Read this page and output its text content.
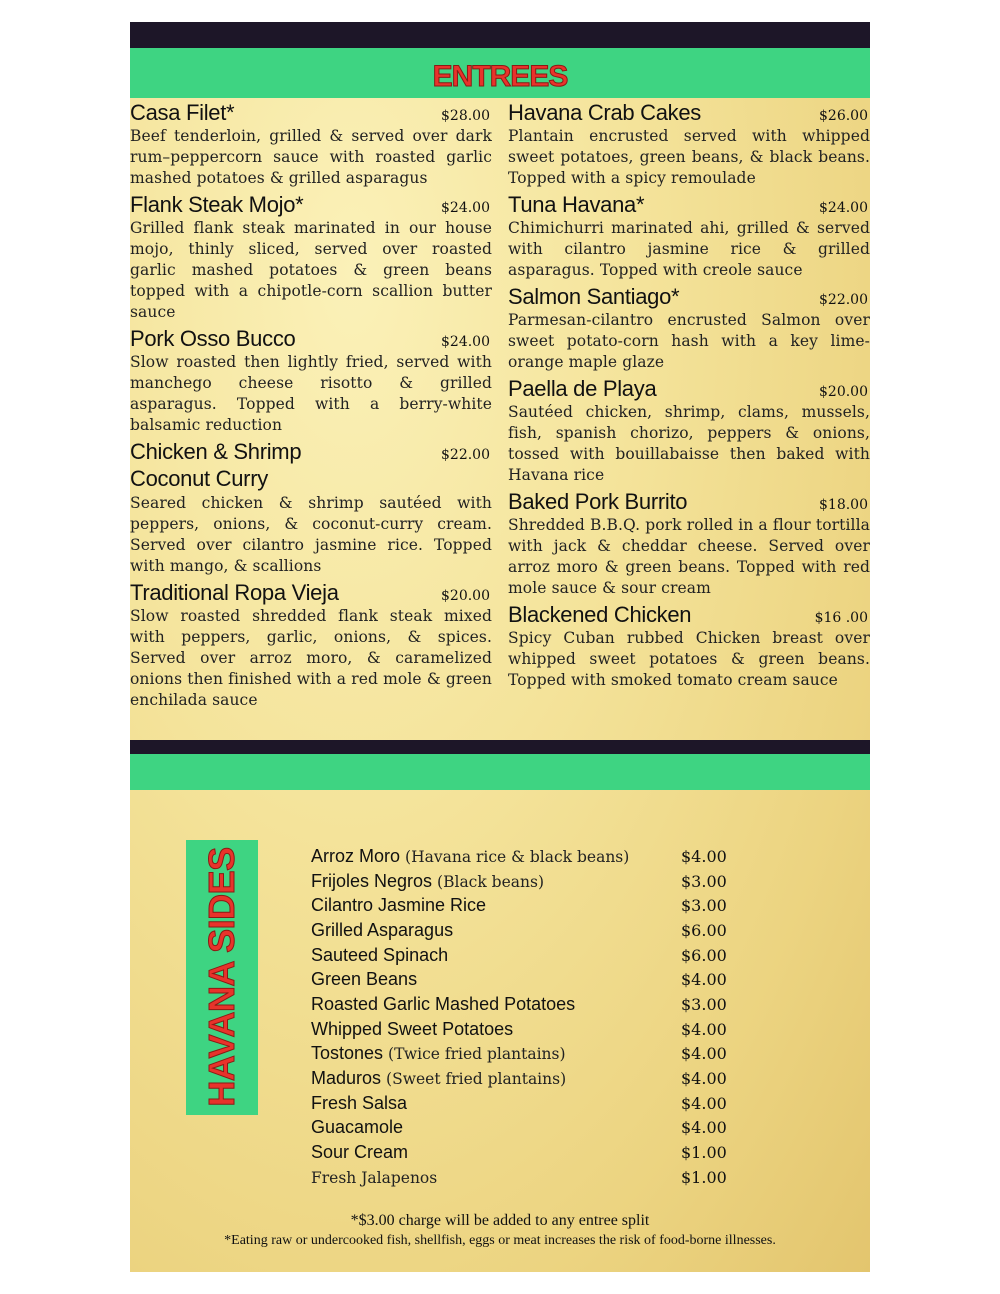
ENTREES
Casa Filet*	$28.00
Beef tenderloin, grilled & served over dark rum–peppercorn sauce with roasted garlic mashed potatoes & grilled asparagus
Flank Steak Mojo*	$24.00
Grilled flank steak marinated in our house mojo, thinly sliced, served over roasted garlic mashed potatoes & green beans topped with a chipotle-corn scallion butter sauce
Pork Osso Bucco	$24.00
Slow roasted then lightly fried, served with manchego cheese risotto & grilled asparagus. Topped with a berry-white balsamic reduction
Chicken & Shrimp	$22.00
Coconut Curry
Seared chicken & shrimp sautéed with peppers, onions, & coconut-curry cream. Served over cilantro jasmine rice. Topped with mango, & scallions
Traditional Ropa Vieja	$20.00
Slow roasted shredded flank steak mixed with peppers, garlic, onions, & spices. Served over arroz moro, & caramelized onions then finished with a red mole & green enchilada sauce
Havana Crab Cakes	$26.00
Plantain encrusted served with whipped sweet potatoes, green beans, & black beans. Topped with a spicy remoulade
Tuna Havana*	$24.00
Chimichurri marinated ahi, grilled & served with cilantro jasmine rice & grilled asparagus. Topped with creole sauce
Salmon Santiago*	$22.00
Parmesan-cilantro encrusted Salmon over sweet potato-corn hash with a key lime-orange maple glaze
Paella de Playa	$20.00
Sautéed chicken, shrimp, clams, mussels, fish, spanish chorizo, peppers & onions, tossed with bouillabaisse then baked with Havana rice
Baked Pork Burrito	$18.00
Shredded B.B.Q. pork rolled in a flour tortilla with jack & cheddar cheese. Served over arroz moro & green beans. Topped with red mole sauce & sour cream
Blackened Chicken	$16 .00
Spicy Cuban rubbed Chicken breast over whipped sweet potatoes & green beans. Topped with smoked tomato cream sauce
HAVANA SIDES	Arroz Moro (Havana rice & black beans)	$4.00
Frijoles Negros (Black beans)	$3.00
Cilantro Jasmine Rice	$3.00
Grilled Asparagus	$6.00
Sauteed Spinach	$6.00
Green Beans	$4.00
Roasted Garlic Mashed Potatoes	$3.00
Whipped Sweet Potatoes	$4.00
Tostones (Twice fried plantains)	$4.00
Maduros (Sweet fried plantains)	$4.00
Fresh Salsa	$4.00
Guacamole	$4.00
Sour Cream	$1.00
Fresh Jalapenos	$1.00
*$3.00 charge will be added to any entree split
*Eating raw or undercooked fish, shellfish, eggs or meat increases the risk of food-borne illnesses.
